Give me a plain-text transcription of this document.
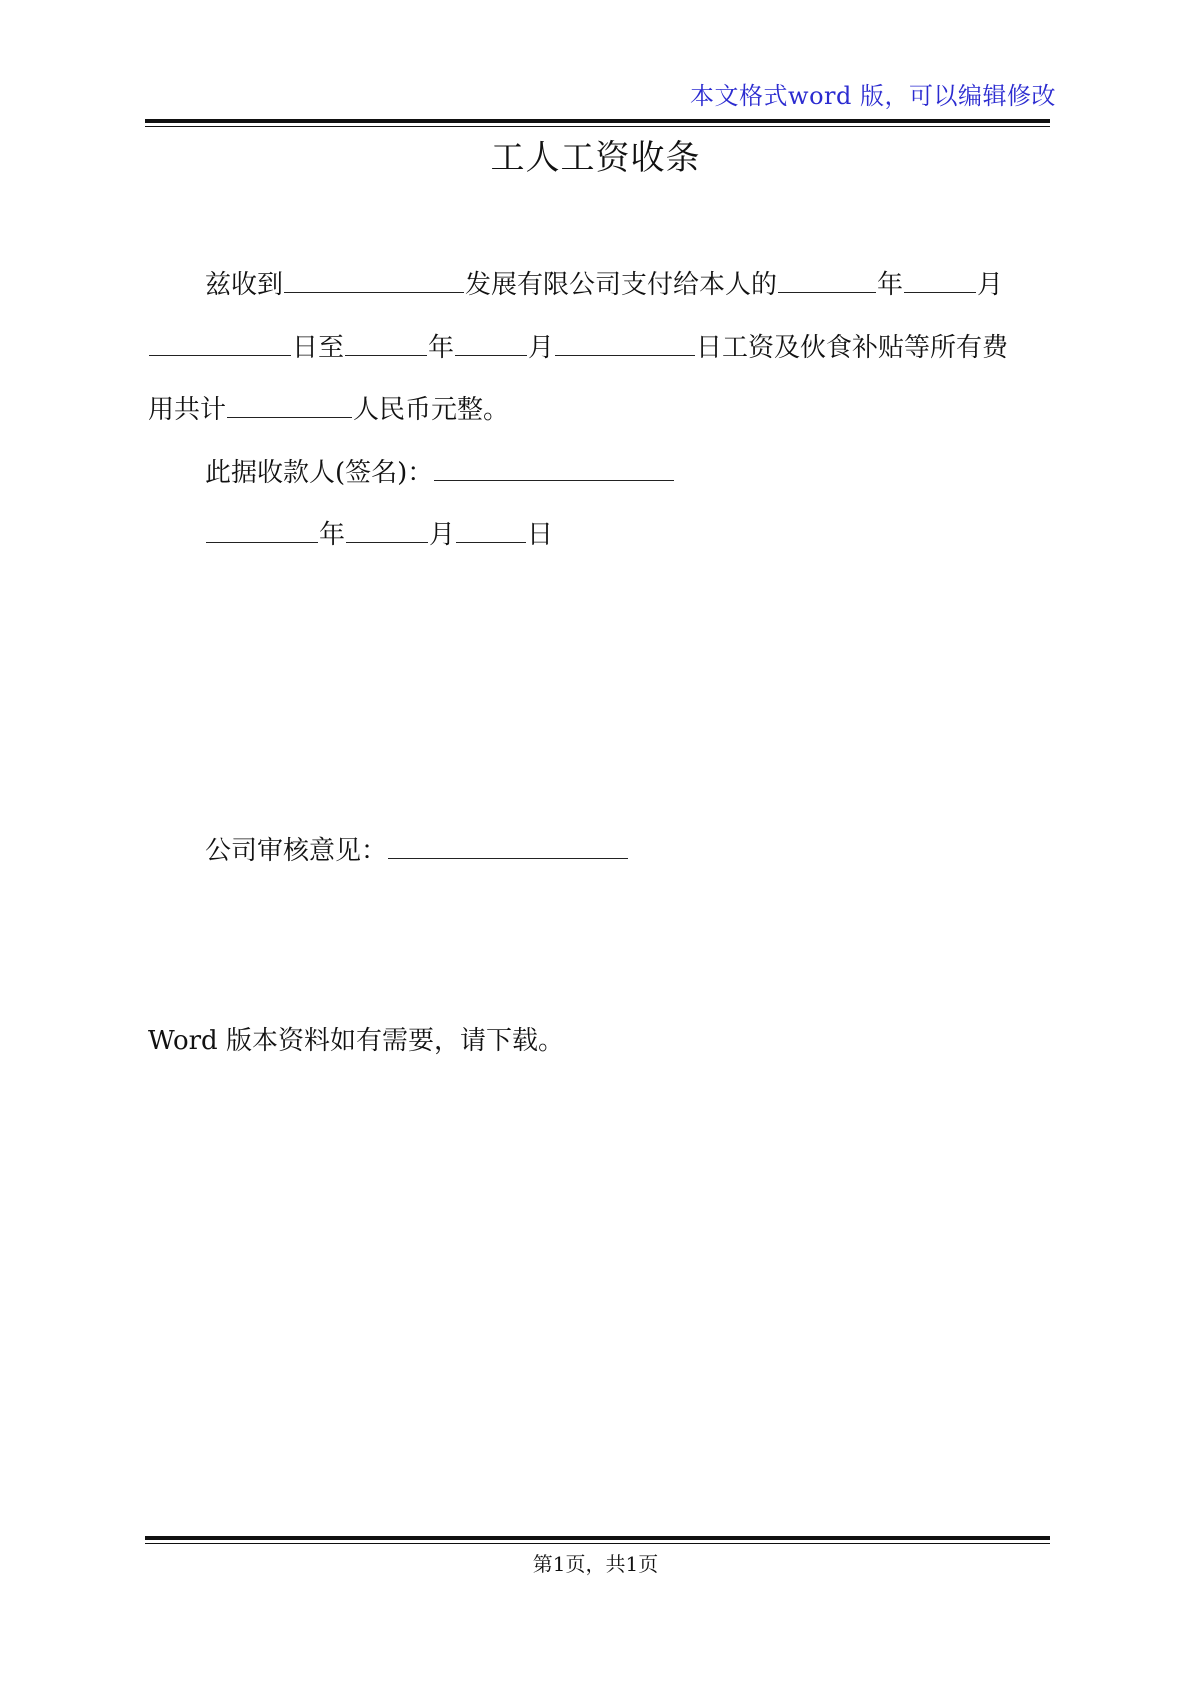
本文格式word 版，可以编辑修改
工人工资收条
兹收到	发展有限公司支付给本人的	年	月
日至	年	月	日工资及伙食补贴等所有费
用共计	人民币元整。
此据收款人(签名)：
年	月	日
公司审核意见：
Word 版本资料如有需要，请下载。
第1页，共1页
